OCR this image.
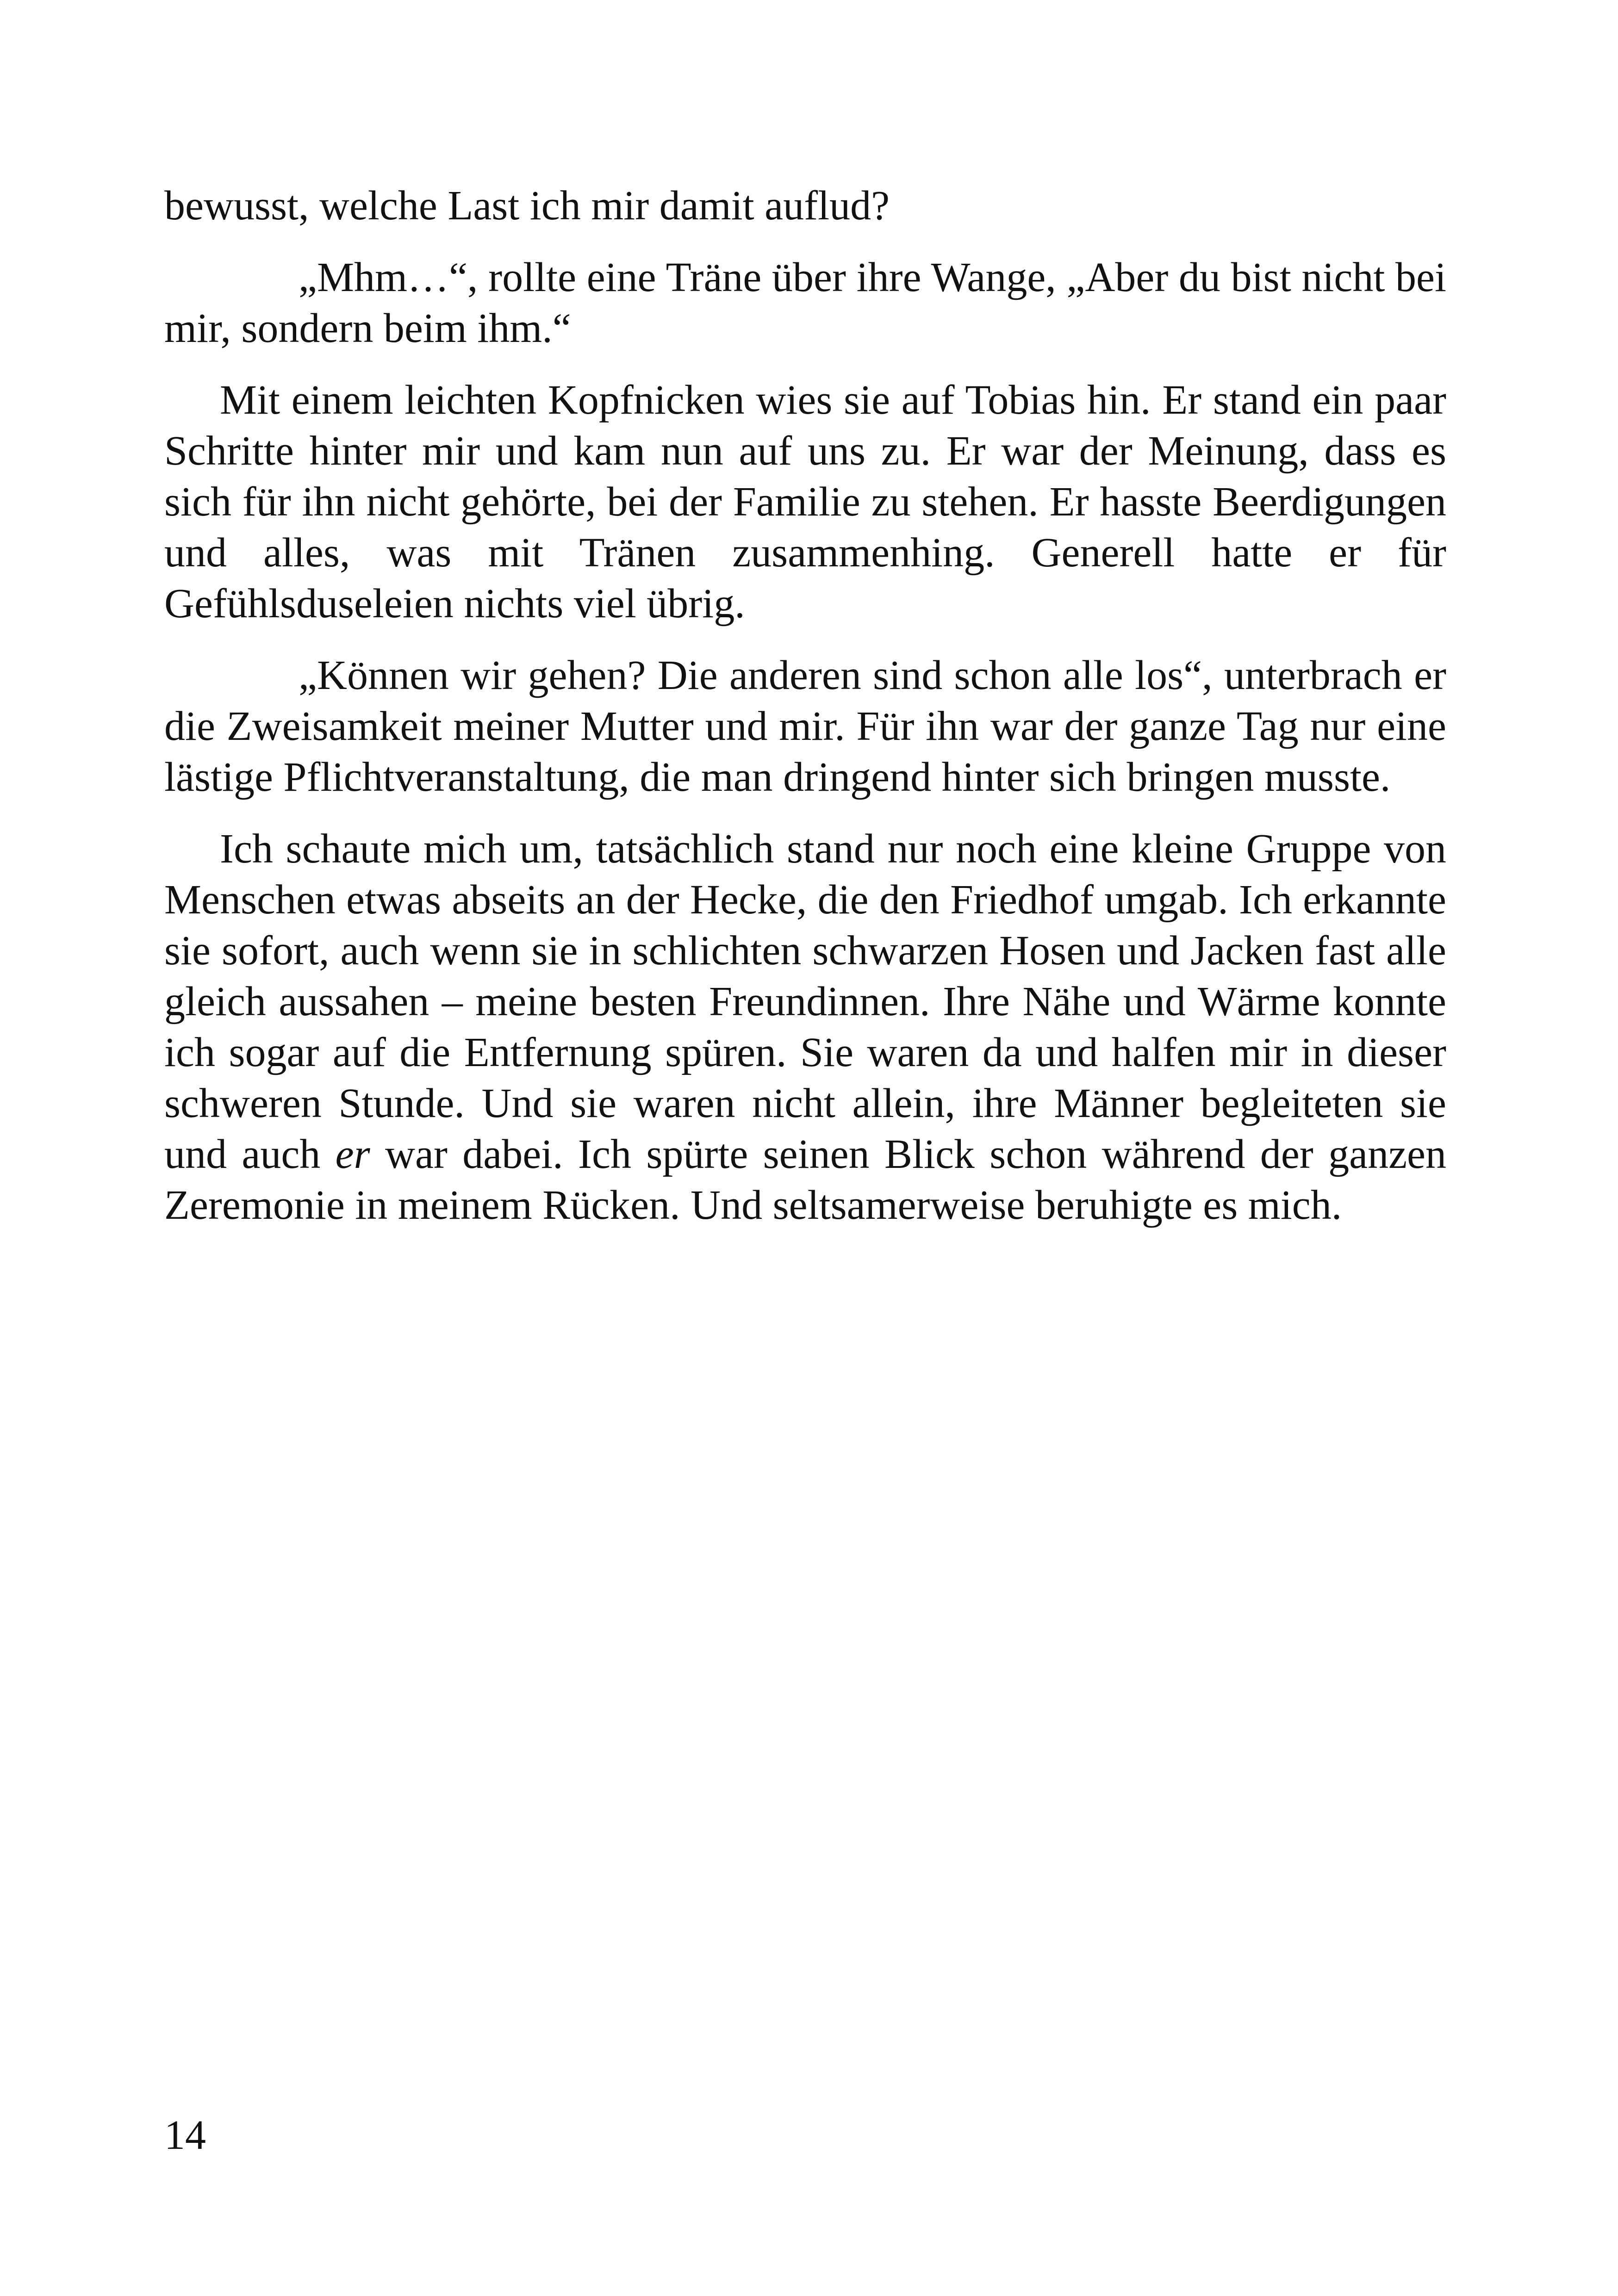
bewusst, welche Last ich mir damit auflud?

„Mhm…“, rollte eine Träne über ihre Wange, „Aber du bist nicht bei mir, sondern beim ihm.“

Mit einem leichten Kopfnicken wies sie auf Tobias hin. Er stand ein paar Schritte hinter mir und kam nun auf uns zu. Er war der Meinung, dass es sich für ihn nicht gehörte, bei der Familie zu stehen. Er hasste Beerdigungen und alles, was mit Tränen zusammenhing. Generell hatte er für Gefühlsduseleien nichts viel übrig.

„Können wir gehen? Die anderen sind schon alle los“, unterbrach er die Zweisamkeit meiner Mutter und mir. Für ihn war der ganze Tag nur eine lästige Pflichtveranstaltung, die man dringend hinter sich bringen musste.

Ich schaute mich um, tatsächlich stand nur noch eine kleine Gruppe von Menschen etwas abseits an der Hecke, die den Friedhof umgab. Ich erkannte sie sofort, auch wenn sie in schlichten schwarzen Hosen und Jacken fast alle gleich aussahen – meine besten Freundinnen. Ihre Nähe und Wärme konnte ich sogar auf die Entfernung spüren. Sie waren da und halfen mir in dieser schweren Stunde. Und sie waren nicht allein, ihre Männer begleiteten sie und auch er war dabei. Ich spürte seinen Blick schon während der ganzen Zeremonie in meinem Rücken. Und seltsamerweise beruhigte es mich.

14
